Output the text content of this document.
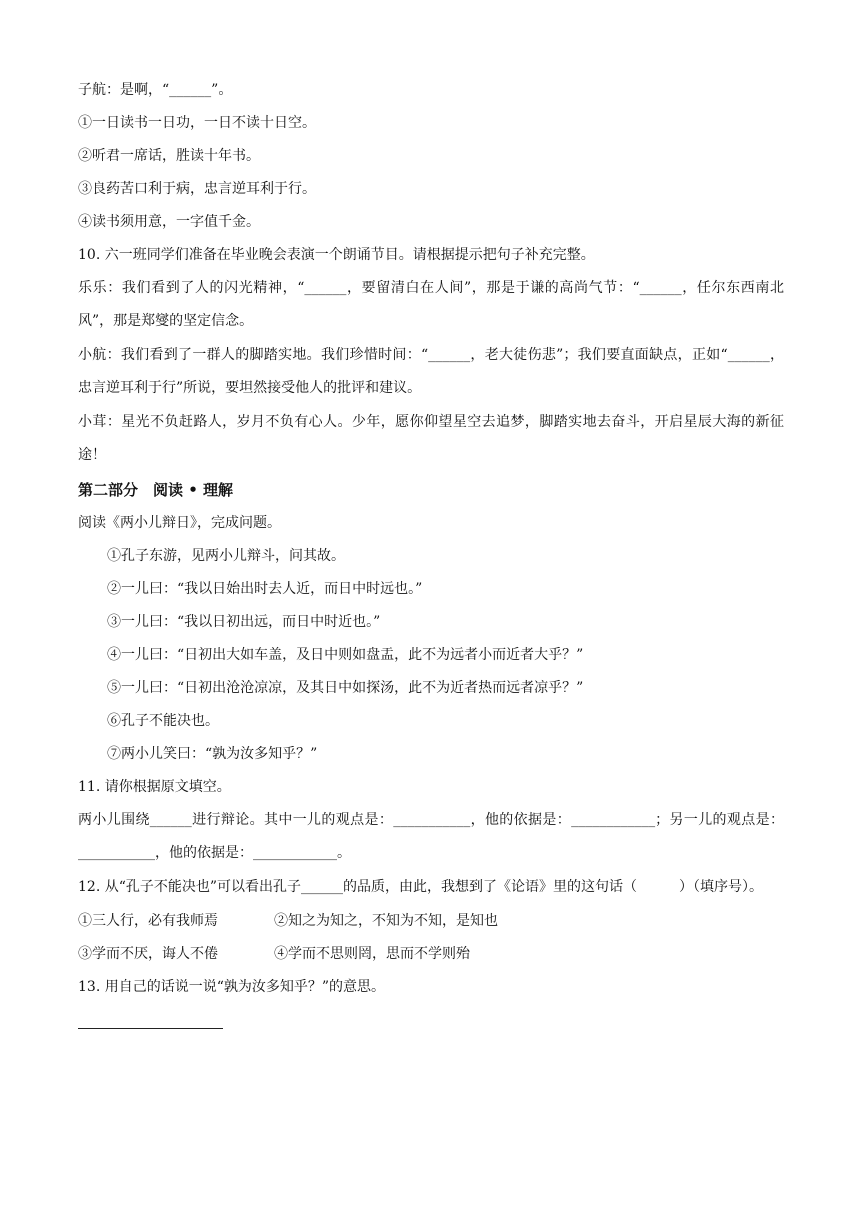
子航：是啊，“______”。
①一日读书一日功，一日不读十日空。
②听君一席话，胜读十年书。
③良药苦口利于病，忠言逆耳利于行。
④读书须用意，一字值千金。
10. 六一班同学们准备在毕业晚会表演一个朗诵节目。请根据提示把句子补充完整。
乐乐：我们看到了人的闪光精神，“______，要留清白在人间”，那是于谦的高尚气节：“______，任尔东西南北风”，那是郑燮的坚定信念。
小航：我们看到了一群人的脚踏实地。我们珍惜时间：“______，老大徒伤悲”；我们要直面缺点，正如“______，忠言逆耳利于行”所说，要坦然接受他人的批评和建议。
小茸：星光不负赶路人，岁月不负有心人。少年，愿你仰望星空去追梦，脚踏实地去奋斗，开启星辰大海的新征途！
第二部分　阅读 • 理解
阅读《两小儿辩日》，完成问题。
①孔子东游，见两小儿辩斗，问其故。
②一儿曰：“我以日始出时去人近，而日中时远也。”
③一儿曰：“我以日初出远，而日中时近也。”
④一儿曰：“日初出大如车盖，及日中则如盘盂，此不为远者小而近者大乎？”
⑤一儿曰：“日初出沧沧凉凉，及其日中如探汤，此不为近者热而远者凉乎？”
⑥孔子不能决也。
⑦两小儿笑曰：“孰为汝多知乎？”
11. 请你根据原文填空。
两小儿围绕______进行辩论。其中一儿的观点是：___________，他的依据是：____________；另一儿的观点是：___________，他的依据是：____________。
12. 从“孔子不能决也”可以看出孔子______的品质，由此，我想到了《论语》里的这句话（　　　）（填序号）。
①三人行，必有我师焉	②知之为知之，不知为不知，是知也
③学而不厌，诲人不倦	④学而不思则罔，思而不学则殆
13. 用自己的话说一说“孰为汝多知乎？”的意思。
